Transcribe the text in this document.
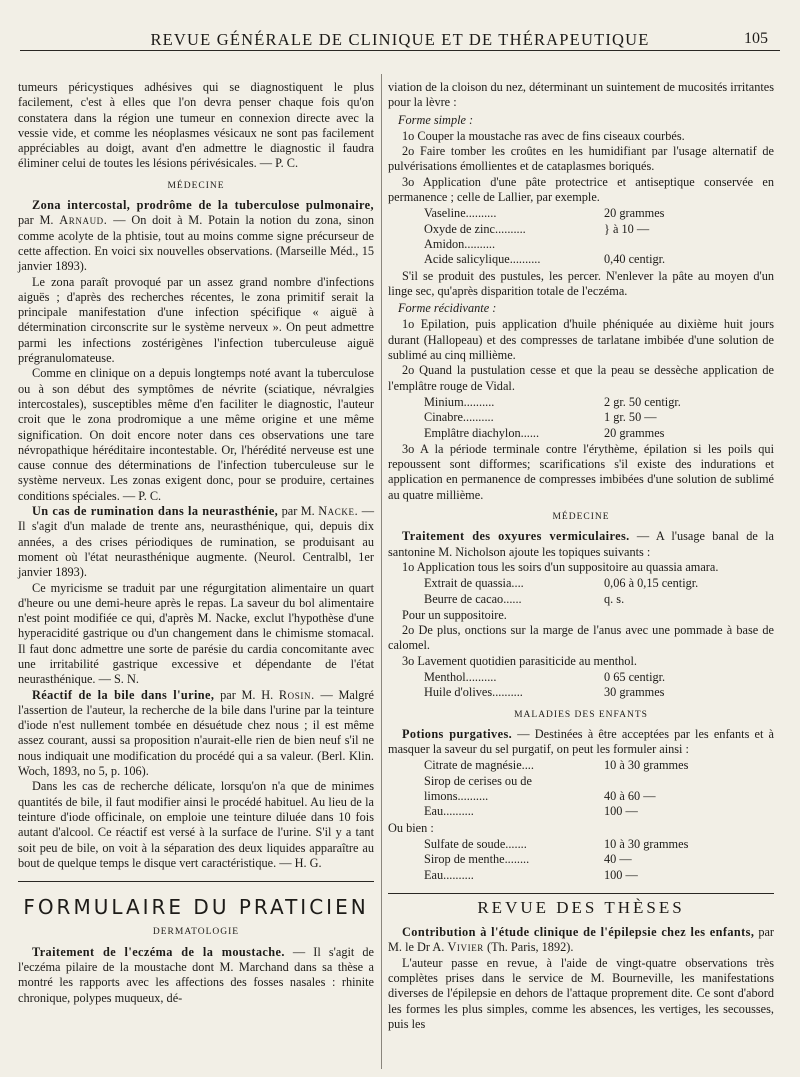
REVUE GÉNÉRALE DE CLINIQUE ET DE THÉRAPEUTIQUE	105

tumeurs péricystiques adhésives qui se diagnostiquent le plus facilement, c'est à elles que l'on devra penser chaque fois qu'on constatera dans la région une tumeur en connexion directe avec la vessie vide, et comme les néoplasmes vésicaux ne sont pas facilement appréciables au doigt, avant d'en admettre le diagnostic il faudra éliminer celui de toutes les lésions périvésicales. — P. C.

MÉDECINE

Zona intercostal, prodrôme de la tuberculose pulmonaire, par M. Arnaud. — On doit à M. Potain la notion du zona, sinon comme acolyte de la phtisie, tout au moins comme signe précurseur de cette affection. En voici six nouvelles observations. (Marseille Méd., 15 janvier 1893).

Le zona paraît provoqué par un assez grand nombre d'infections aiguës ; d'après des recherches récentes, le zona primitif serait la principale manifestation d'une infection spécifique « aiguë à détermination circonscrite sur le système nerveux ». On peut admettre parmi les infections zostérigènes l'infection tuberculeuse aiguë prégranulomateuse.

Comme en clinique on a depuis longtemps noté avant la tuberculose ou à son début des symptômes de névrite (sciatique, névralgies intercostales), susceptibles même d'en faciliter le diagnostic, l'auteur croit que le zona prodromique a une même origine et une même signification. On doit encore noter dans ces observations une tare névropathique héréditaire incontestable. Or, l'hérédité nerveuse est une cause connue des déterminations de l'infection tuberculeuse sur le système nerveux. Les zonas exigent donc, pour se produire, certaines conditions spéciales. — P. C.

Un cas de rumination dans la neurasthénie, par M. Nacke. — Il s'agit d'un malade de trente ans, neurasthénique, qui, depuis dix années, a des crises périodiques de rumination, se produisant au moment où l'état neurasthénique augmente. (Neurol. Centralbl, 1er janvier 1893).

Ce myricisme se traduit par une régurgitation alimentaire un quart d'heure ou une demi-heure après le repas. La saveur du bol alimentaire n'est point modifiée ce qui, d'après M. Nacke, exclut l'hypothèse d'une hyperacidité gastrique ou d'un changement dans le chimisme stomacal. Il faut donc admettre une sorte de parésie du cardia concomitante avec une irritabilité gastrique excessive et dépendante de l'état neurasthénique. — S. N.

Réactif de la bile dans l'urine, par M. H. Rosin. — Malgré l'assertion de l'auteur, la recherche de la bile dans l'urine par la teinture d'iode n'est nullement tombée en désuétude chez nous ; il est même assez courant, aussi sa proposition n'aurait-elle rien de bien neuf s'il ne nous indiquait une modification du procédé qui a sa valeur. (Berl. Klin. Woch, 1893, no 5, p. 106).

Dans les cas de recherche délicate, lorsqu'on n'a que de minimes quantités de bile, il faut modifier ainsi le procédé habituel. Au lieu de la teinture d'iode officinale, on emploie une teinture diluée dans 10 fois autant d'alcool. Ce réactif est versé à la surface de l'urine. S'il y a tant soit peu de bile, on voit à la séparation des deux liquides apparaître au bout de quelque temps le disque vert caractéristique. — H. G.

FORMULAIRE DU PRATICIEN
DERMATOLOGIE

Traitement de l'eczéma de la moustache. — Il s'agit de l'eczéma pilaire de la moustache dont M. Marchand dans sa thèse a montré les rapports avec les affections des fosses nasales : rhinite chronique, polypes muqueux, dé-

viation de la cloison du nez, déterminant un suintement de mucosités irritantes pour la lèvre :

Forme simple :

1o Couper la moustache ras avec de fins ciseaux courbés.

2o Faire tomber les croûtes en les humidifiant par l'usage alternatif de pulvérisations émollientes et de cataplasmes boriqués.

3o Application d'une pâte protectrice et antiseptique conservée en permanence ; celle de Lallier, par exemple.

Vaseline..........	20 grammes
Oxyde de zinc..........	} à 10 —
Amidon..........
Acide salicylique..........	0,40 centigr.

S'il se produit des pustules, les percer. N'enlever la pâte au moyen d'un linge sec, qu'après disparition totale de l'eczéma.

Forme récidivante :

1o Epilation, puis application d'huile phéniquée au dixième huit jours durant (Hallopeau) et des compresses de tarlatane imbibée d'une solution de sublimé au cinq millième.

2o Quand la pustulation cesse et que la peau se dessèche application de l'emplâtre rouge de Vidal.

Minium..........	2 gr. 50 centigr.
Cinabre..........	1 gr. 50 —
Emplâtre diachylon......	20 grammes

3o A la période terminale contre l'érythème, épilation si les poils qui repoussent sont difformes; scarifications s'il existe des indurations et application en permanence de compresses imbibées d'une solution de sublimé au quatre millième.

MÉDECINE

Traitement des oxyures vermiculaires. — A l'usage banal de la santonine M. Nicholson ajoute les topiques suivants :

1o Application tous les soirs d'un suppositoire au quassia amara.

Extrait de quassia....	0,06 à 0,15 centigr.
Beurre de cacao......	q. s.

Pour un suppositoire.

2o De plus, onctions sur la marge de l'anus avec une pommade à base de calomel.

3o Lavement quotidien parasiticide au menthol.

Menthol..........	0 65 centigr.
Huile d'olives..........	30 grammes
MALADIES DES ENFANTS

Potions purgatives. — Destinées à être acceptées par les enfants et à masquer la saveur du sel purgatif, on peut les formuler ainsi :

Citrate de magnésie....	10 à 30 grammes
Sirop de cerises ou de
limons..........	40 à 60 —
Eau..........	100 —

Ou bien :

Sulfate de soude.......	10 à 30 grammes
Sirop de menthe........	40 —
Eau..........	100 —
REVUE DES THÈSES

Contribution à l'étude clinique de l'épilepsie chez les enfants, par M. le Dr A. Vivier (Th. Paris, 1892).

L'auteur passe en revue, à l'aide de vingt-quatre observations très complètes prises dans le service de M. Bourneville, les manifestations diverses de l'épilepsie en dehors de l'attaque proprement dite. Ce sont d'abord les formes les plus simples, comme les absences, les vertiges, les secousses, puis les
